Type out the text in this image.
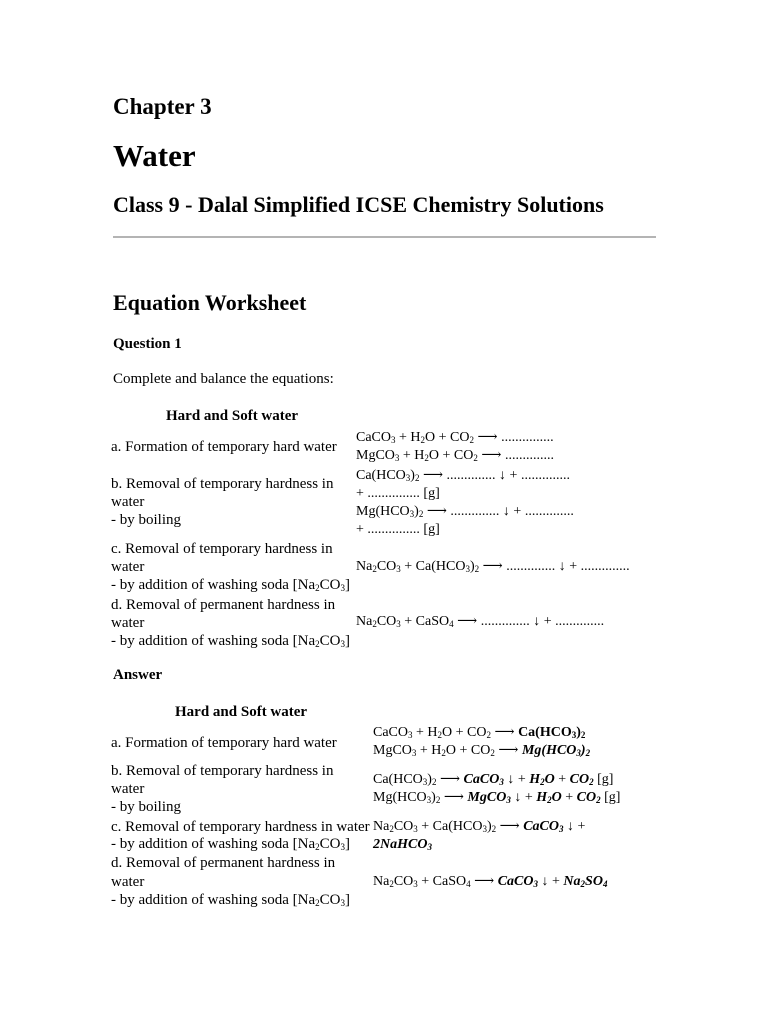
Chapter 3
Water
Class 9 - Dalal Simplified ICSE Chemistry Solutions
Equation Worksheet
Question 1
Complete and balance the equations:
Hard and Soft water
a. Formation of temporary hard water
CaCO$_3$ + $H_2O + CO_2$ ⟶ ...............
MgCO$_3$ + $H_2O + CO_2$ ⟶ ..............
b. Removal of temporary hardness in
water
- by boiling
$Ca(HCO_3)_2$ ⟶ .............. ↓ + ..............
+ ............... [g]
$Mg(HCO_3)_2$ ⟶ .............. ↓ + ..............
+ ............... [g]
c. Removal of temporary hardness in
water
- by addition of washing soda $[Na_2CO_3]$
$Na_2CO_3 + Ca(HCO_3)_2$ ⟶ .............. ↓ + ..............
d. Removal of permanent hardness in
water
- by addition of washing soda $[Na_2CO_3]$
$Na_2CO_3$ + CaSO$_4$ ⟶ .............. ↓ + ..............
Answer
Hard and Soft water
a. Formation of temporary hard water
CaCO$_3$ + $H_2O + CO_2$ ⟶ $Ca(HCO_3)_2$
MgCO$_3$ + $H_2O + CO_2$ ⟶ $Mg(HCO_3)_2$
b. Removal of temporary hardness in
water
- by boiling
$Ca(HCO_3)_2$ ⟶ CaCO$_3$ ↓ + $H_2O + CO_2$ [g]
$Mg(HCO_3)_2$ ⟶ MgCO$_3$ ↓ + $H_2O + CO_2$ [g]
c. Removal of temporary hardness in water
- by addition of washing soda $[Na_2CO_3]$
$Na_2CO_3 + Ca(HCO_3)_2$ ⟶ CaCO$_3$ ↓ +
2NaHCO$_3$
d. Removal of permanent hardness in
water
- by addition of washing soda $[Na_2CO_3]$
$Na_2CO_3$ + CaSO$_4$ ⟶ CaCO$_3$ ↓ + $Na_2SO_4$
